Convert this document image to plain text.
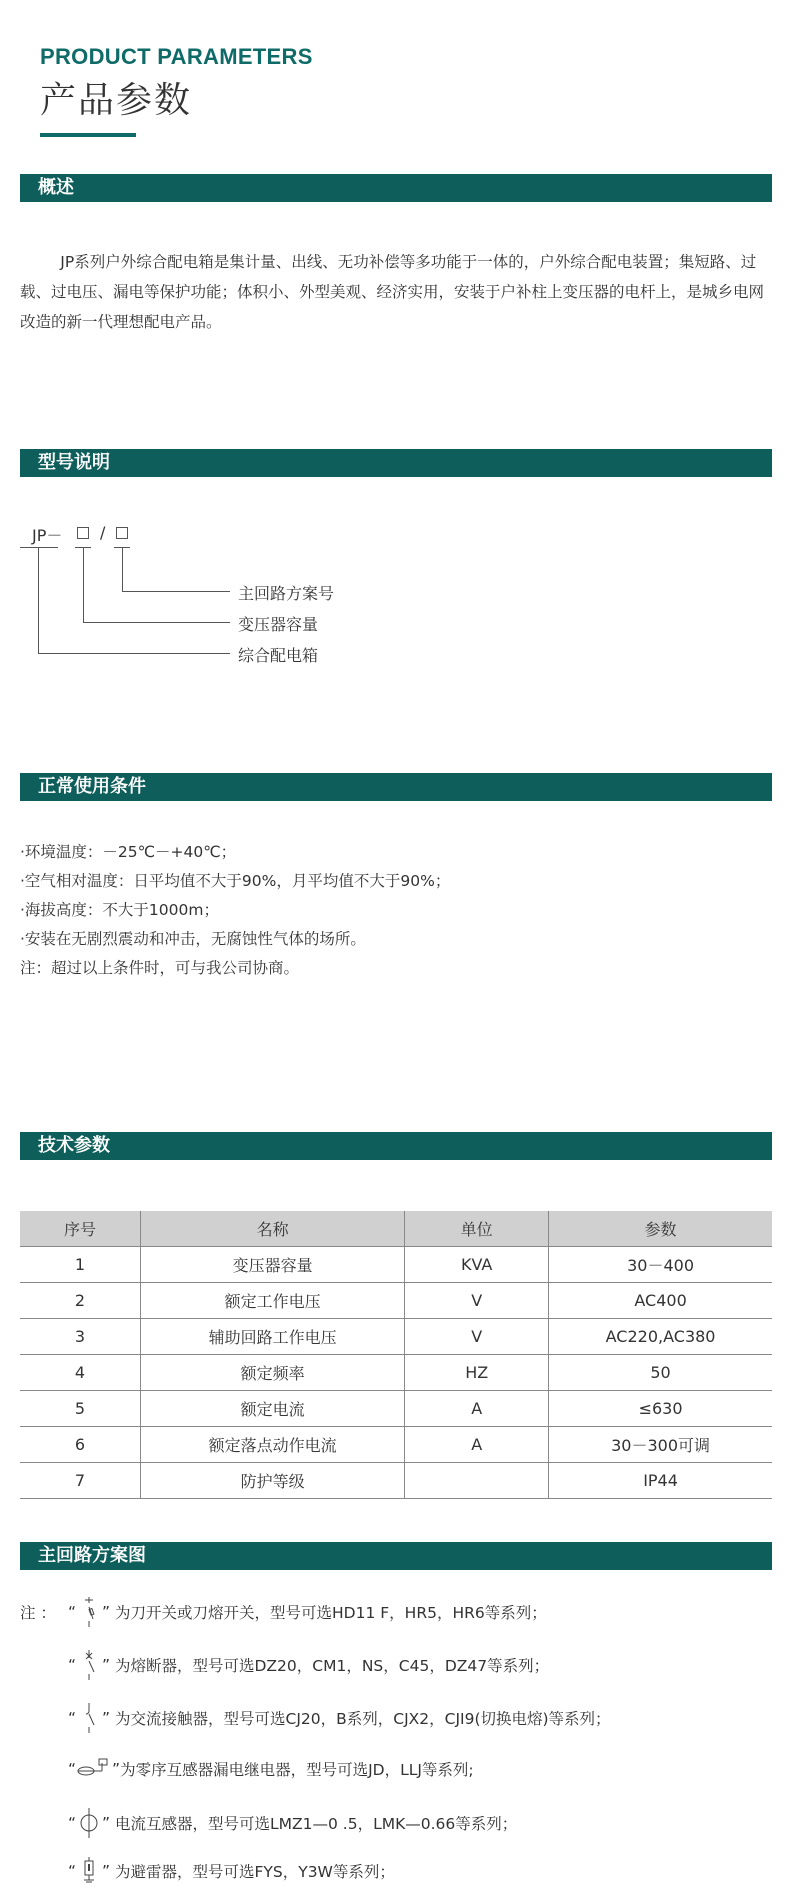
PRODUCT PARAMETERS
产品参数
概述
JP系列户外综合配电箱是集计量、出线、无功补偿等多功能于一体的，户外综合配电装置；集短路、过载、过电压、漏电等保护功能；体积小、外型美观、经济实用，安装于户补柱上变压器的电杆上，是城乡电网改造的新一代理想配电产品。
型号说明
JP－ /
主回路方案号
变压器容量
综合配电箱
正常使用条件
·环境温度：－25℃－+40℃；
·空气相对温度：日平均值不大于90%，月平均值不大于90%；
·海拔高度：不大于1000m；
·安装在无剧烈震动和冲击，无腐蚀性气体的场所。
注：超过以上条件时，可与我公司协商。
技术参数
序号	名称	单位	参数
1	变压器容量	KVA	30－400
2	额定工作电压	V	AC400
3	辅助回路工作电压	V	AC220,AC380
4	额定频率	HZ	50
5	额定电流	A	≤630
6	额定落点动作电流	A	30－300可调
7	防护等级		IP44
主回路方案图
注 ： “ ”
为刀开关或刀熔开关，型号可选HD11 F，HR5，HR6等系列；
“ ”
为熔断器，型号可选DZ20，CM1，NS，C45，DZ47等系列；
“ ”
为交流接触器，型号可选CJ20，B系列，CJX2，CJI9(切换电熔)等系列；
“ ” 为零序互感器漏电继电器，型号可选JD，LLJ等系列;
“ ”
电流互感器，型号可选LMZ1—0 .5，LMK—0.66等系列；
“ ”
为避雷器，型号可选FYS，Y3W等系列；
